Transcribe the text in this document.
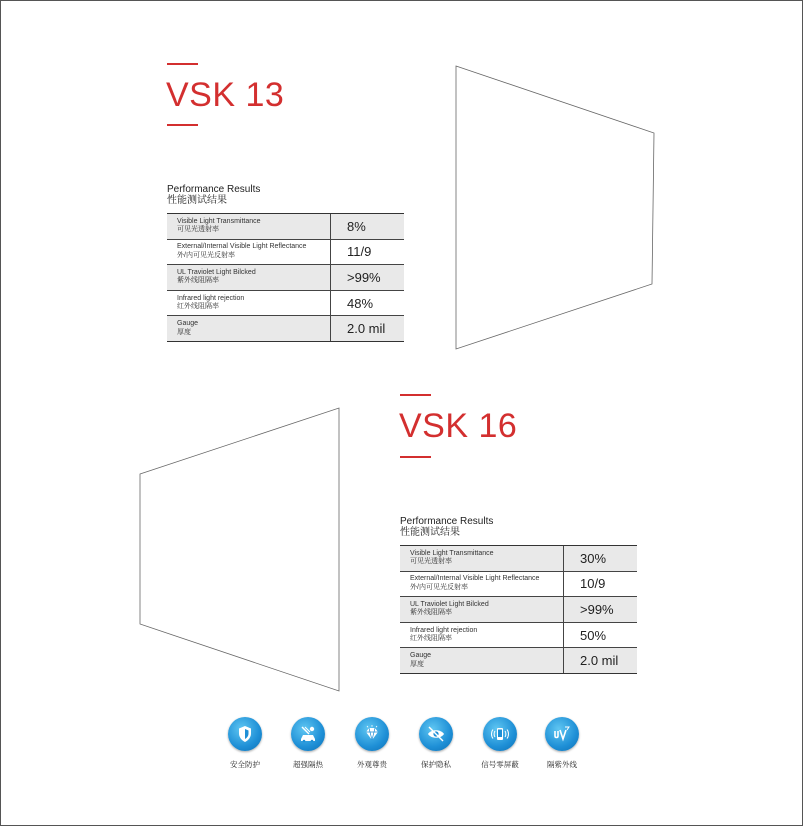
VSK 13
Performance Results
性能测试结果
Visible Light Transmittance
可见光透射率	8%
External/Internal Visible Light Reflectance
外/内可见光反射率	11/9
UL Traviolet Light Bilcked
紫外线阻隔率	>99%
Infrared light rejection
红外线阻隔率	48%
Gauge
厚度	2.0 mil
VSK 16
Performance Results
性能测试结果
Visible Light Transmittance
可见光透射率	30%
External/Internal Visible Light Reflectance
外/内可见光反射率	10/9
UL Traviolet Light Bilcked
紫外线阻隔率	>99%
Infrared light rejection
红外线阻隔率	50%
Gauge
厚度	2.0 mil
安全防护	超强隔热	外观尊贵	保护隐私	信号零屏蔽	隔紫外线
